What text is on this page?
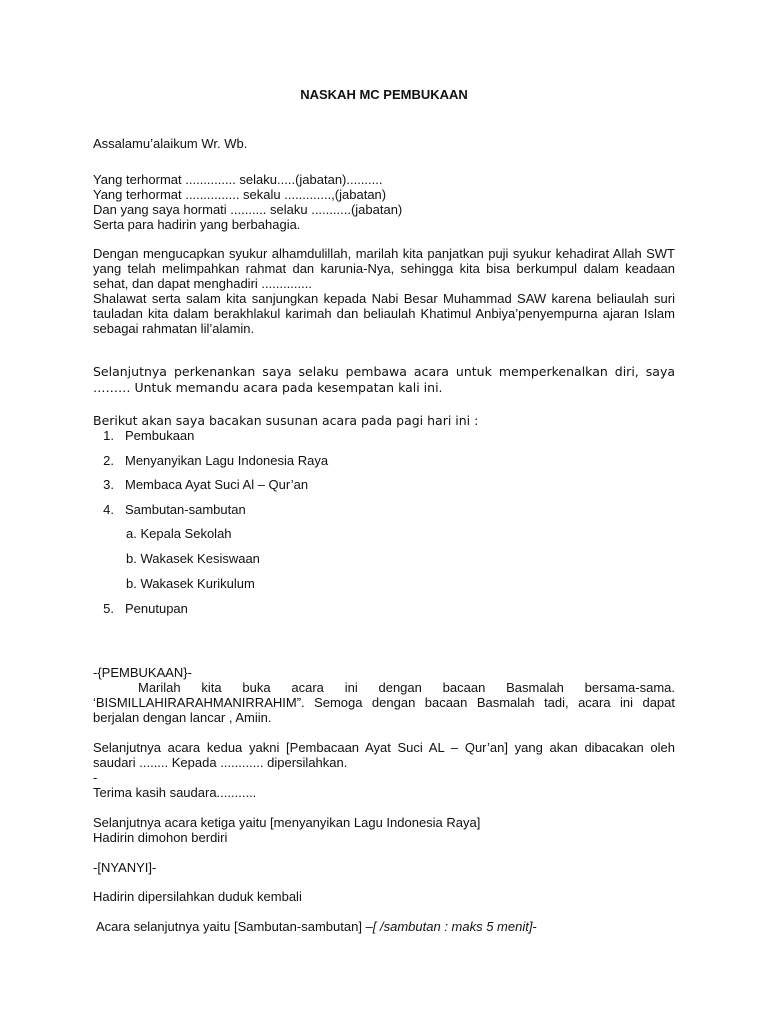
NASKAH MC PEMBUKAAN
Assalamu’alaikum Wr. Wb.
Yang terhormat .............. selaku.....(jabatan)..........
Yang terhormat ............... sekalu .............,(jabatan)
Dan yang saya hormati .......... selaku ...........(jabatan)
Serta para hadirin yang berbahagia.
Dengan mengucapkan syukur alhamdulillah, marilah kita panjatkan puji syukur kehadirat Allah SWT yang telah melimpahkan rahmat dan karunia-Nya, sehingga kita bisa berkumpul dalam keadaan sehat, dan dapat menghadiri ..............
Shalawat serta salam kita sanjungkan kepada Nabi Besar Muhammad SAW karena beliaulah suri tauladan kita dalam berakhlakul karimah dan beliaulah Khatimul Anbiya’penyempurna ajaran Islam sebagai rahmatan lil’alamin.
Selanjutnya perkenankan saya selaku pembawa acara untuk memperkenalkan diri, saya ……… Untuk memandu acara pada kesempatan kali ini.
Berikut akan saya bacakan susunan acara pada pagi hari ini :
1. Pembukaan
2. Menyanyikan Lagu Indonesia Raya
3. Membaca Ayat Suci Al – Qur’an
4. Sambutan-sambutan
a. Kepala Sekolah
b. Wakasek Kesiswaan
b. Wakasek Kurikulum
5. Penutupan
-{PEMBUKAAN}-
Marilah kita buka acara ini dengan bacaan Basmalah bersama-sama. ‘BISMILLAHIRARAHMANIRRAHIM”. Semoga dengan bacaan Basmalah tadi, acara ini dapat berjalan dengan lancar , Amiin.
Selanjutnya acara kedua yakni [Pembacaan Ayat Suci AL – Qur’an] yang akan dibacakan oleh saudari ........ Kepada ............ dipersilahkan.
-
Terima kasih saudara...........
Selanjutnya acara ketiga yaitu [menyanyikan Lagu Indonesia Raya]
Hadirin dimohon berdiri
-[NYANYI]-
Hadirin dipersilahkan duduk kembali
Acara selanjutnya yaitu [Sambutan-sambutan] –[ /sambutan : maks 5 menit]-
